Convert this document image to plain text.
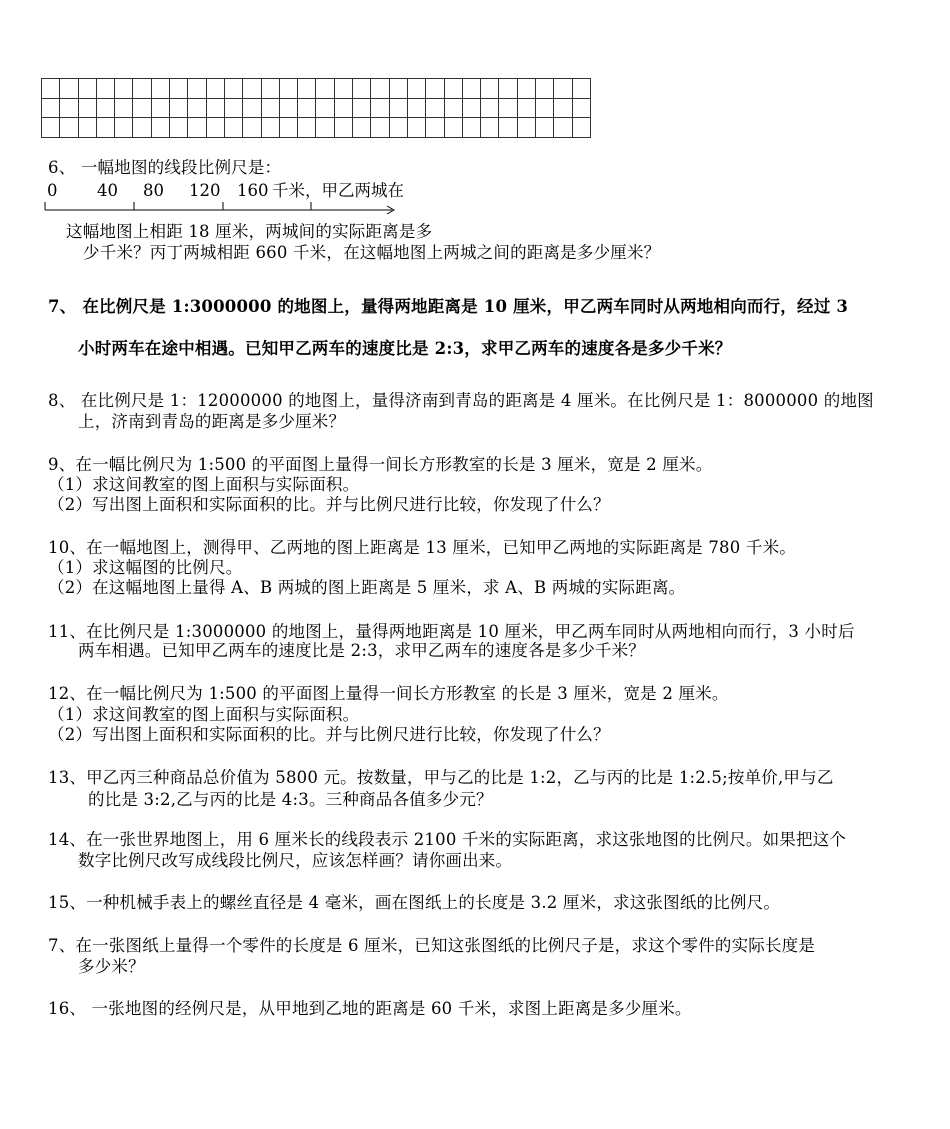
6、 一幅地图的线段比例尺是：
0 40 80 120 160 千米，甲乙两城在
这幅地图上相距 18 厘米，两城间的实际距离是多
少千米？丙丁两城相距 660 千米，在这幅地图上两城之间的距离是多少厘米？
7、 在比例尺是 1:3000000 的地图上，量得两地距离是 10 厘米，甲乙两车同时从两地相向而行，经过 3
小时两车在途中相遇。已知甲乙两车的速度比是 2:3，求甲乙两车的速度各是多少千米？
8、 在比例尺是 1：12000000 的地图上，量得济南到青岛的距离是 4 厘米。在比例尺是 1：8000000 的地图
上，济南到青岛的距离是多少厘米？
9、在一幅比例尺为 1:500 的平面图上量得一间长方形教室的长是 3 厘米，宽是 2 厘米。
（1）求这间教室的图上面积与实际面积。
（2）写出图上面积和实际面积的比。并与比例尺进行比较，你发现了什么？
10、在一幅地图上，测得甲、乙两地的图上距离是 13 厘米，已知甲乙两地的实际距离是 780 千米。
（1）求这幅图的比例尺。
（2）在这幅地图上量得 A、B 两城的图上距离是 5 厘米，求 A、B 两城的实际距离。
11、在比例尺是 1:3000000 的地图上，量得两地距离是 10 厘米，甲乙两车同时从两地相向而行，3 小时后
两车相遇。已知甲乙两车的速度比是 2:3，求甲乙两车的速度各是多少千米？
12、在一幅比例尺为 1:500 的平面图上量得一间长方形教室 的长是 3 厘米，宽是 2 厘米。
（1）求这间教室的图上面积与实际面积。
（2）写出图上面积和实际面积的比。并与比例尺进行比较，你发现了什么？
13、甲乙丙三种商品总价值为 5800 元。按数量，甲与乙的比是 1:2，乙与丙的比是 1:2.5;按单价,甲与乙
的比是 3:2,乙与丙的比是 4:3。三种商品各值多少元？
14、在一张世界地图上，用 6 厘米长的线段表示 2100 千米的实际距离，求这张地图的比例尺。如果把这个
数字比例尺改写成线段比例尺，应该怎样画？请你画出来。
15、一种机械手表上的螺丝直径是 4 毫米，画在图纸上的长度是 3.2 厘米，求这张图纸的比例尺。
7、在一张图纸上量得一个零件的长度是 6 厘米，已知这张图纸的比例尺子是，求这个零件的实际长度是
多少米？
16、 一张地图的经例尺是，从甲地到乙地的距离是 60 千米，求图上距离是多少厘米。
